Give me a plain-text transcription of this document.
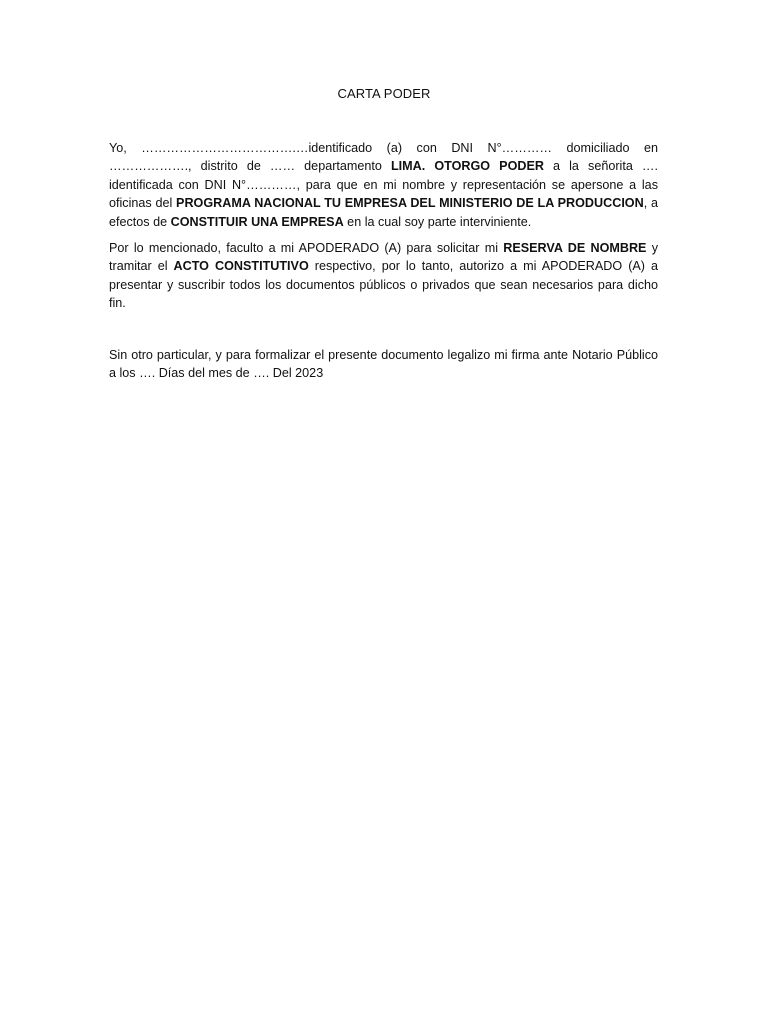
CARTA PODER

Yo, ……………………………….…identificado (a) con DNI N°………… domiciliado en ………………., distrito de …… departamento LIMA. OTORGO PODER a la señorita …. identificada con DNI N°…………, para que en mi nombre y representación se apersone a las oficinas del PROGRAMA NACIONAL TU EMPRESA DEL MINISTERIO DE LA PRODUCCION, a efectos de CONSTITUIR UNA EMPRESA en la cual soy parte interviniente.

Por lo mencionado, faculto a mi APODERADO (A) para solicitar mi RESERVA DE NOMBRE y tramitar el ACTO CONSTITUTIVO respectivo, por lo tanto, autorizo a mi APODERADO (A) a presentar y suscribir todos los documentos públicos o privados que sean necesarios para dicho fin.

Sin otro particular, y para formalizar el presente documento legalizo mi firma ante Notario Público a los …. Días del mes de …. Del 2023
